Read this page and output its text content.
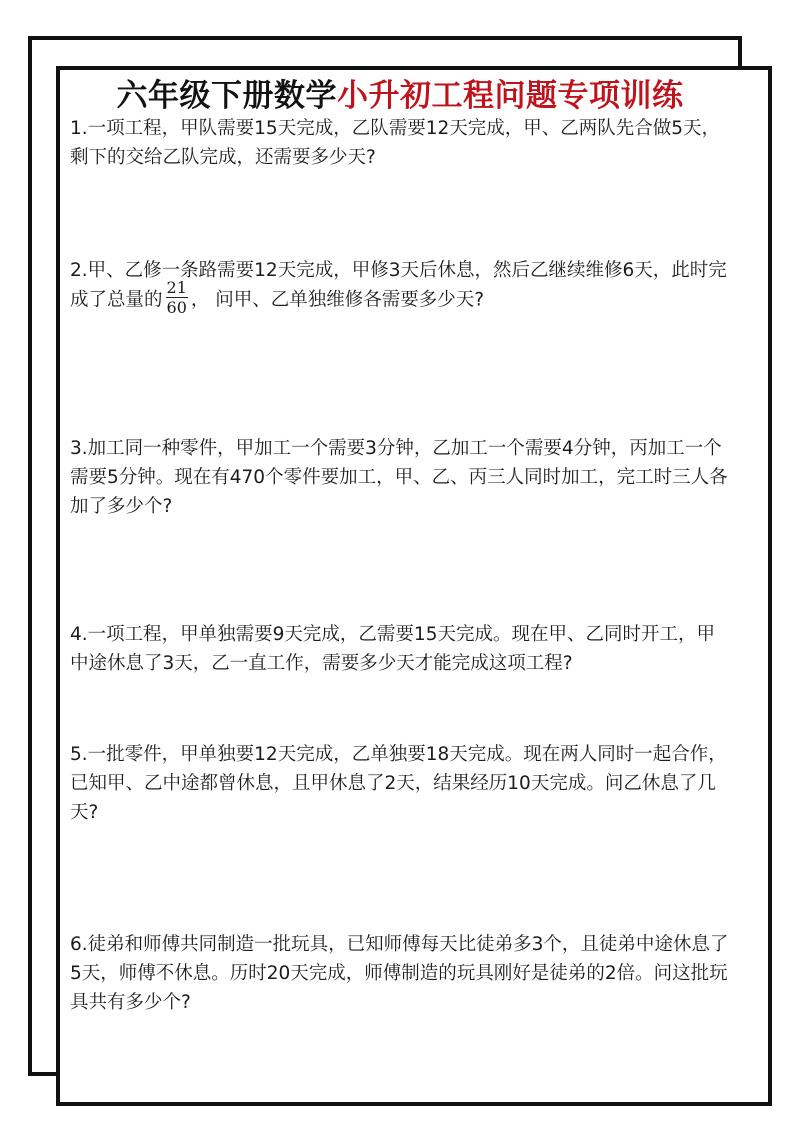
六年级下册数学小升初工程问题专项训练
1.一项工程，甲队需要15天完成，乙队需要12天完成，甲、乙两队先合做5天，剩下的交给乙队完成，还需要多少天?
2.甲、乙修一条路需要12天完成，甲修3天后休息，然后乙继续维修6天，此时完成了总量的 $\frac{21}{60}$ ， 问甲、乙单独维修各需要多少天?
3.加工同一种零件，甲加工一个需要3分钟，乙加工一个需要4分钟，丙加工一个需要5分钟。现在有470个零件要加工，甲、乙、丙三人同时加工，完工时三人各加了多少个?
4.一项工程，甲单独需要9天完成，乙需要15天完成。现在甲、乙同时开工，甲中途休息了3天，乙一直工作，需要多少天才能完成这项工程?
5.一批零件，甲单独要12天完成，乙单独要18天完成。现在两人同时一起合作，已知甲、乙中途都曾休息，且甲休息了2天，结果经历10天完成。问乙休息了几天?
6.徒弟和师傅共同制造一批玩具，已知师傅每天比徒弟多3个，且徒弟中途休息了5天，师傅不休息。历时20天完成，师傅制造的玩具刚好是徒弟的2倍。问这批玩具共有多少个?
